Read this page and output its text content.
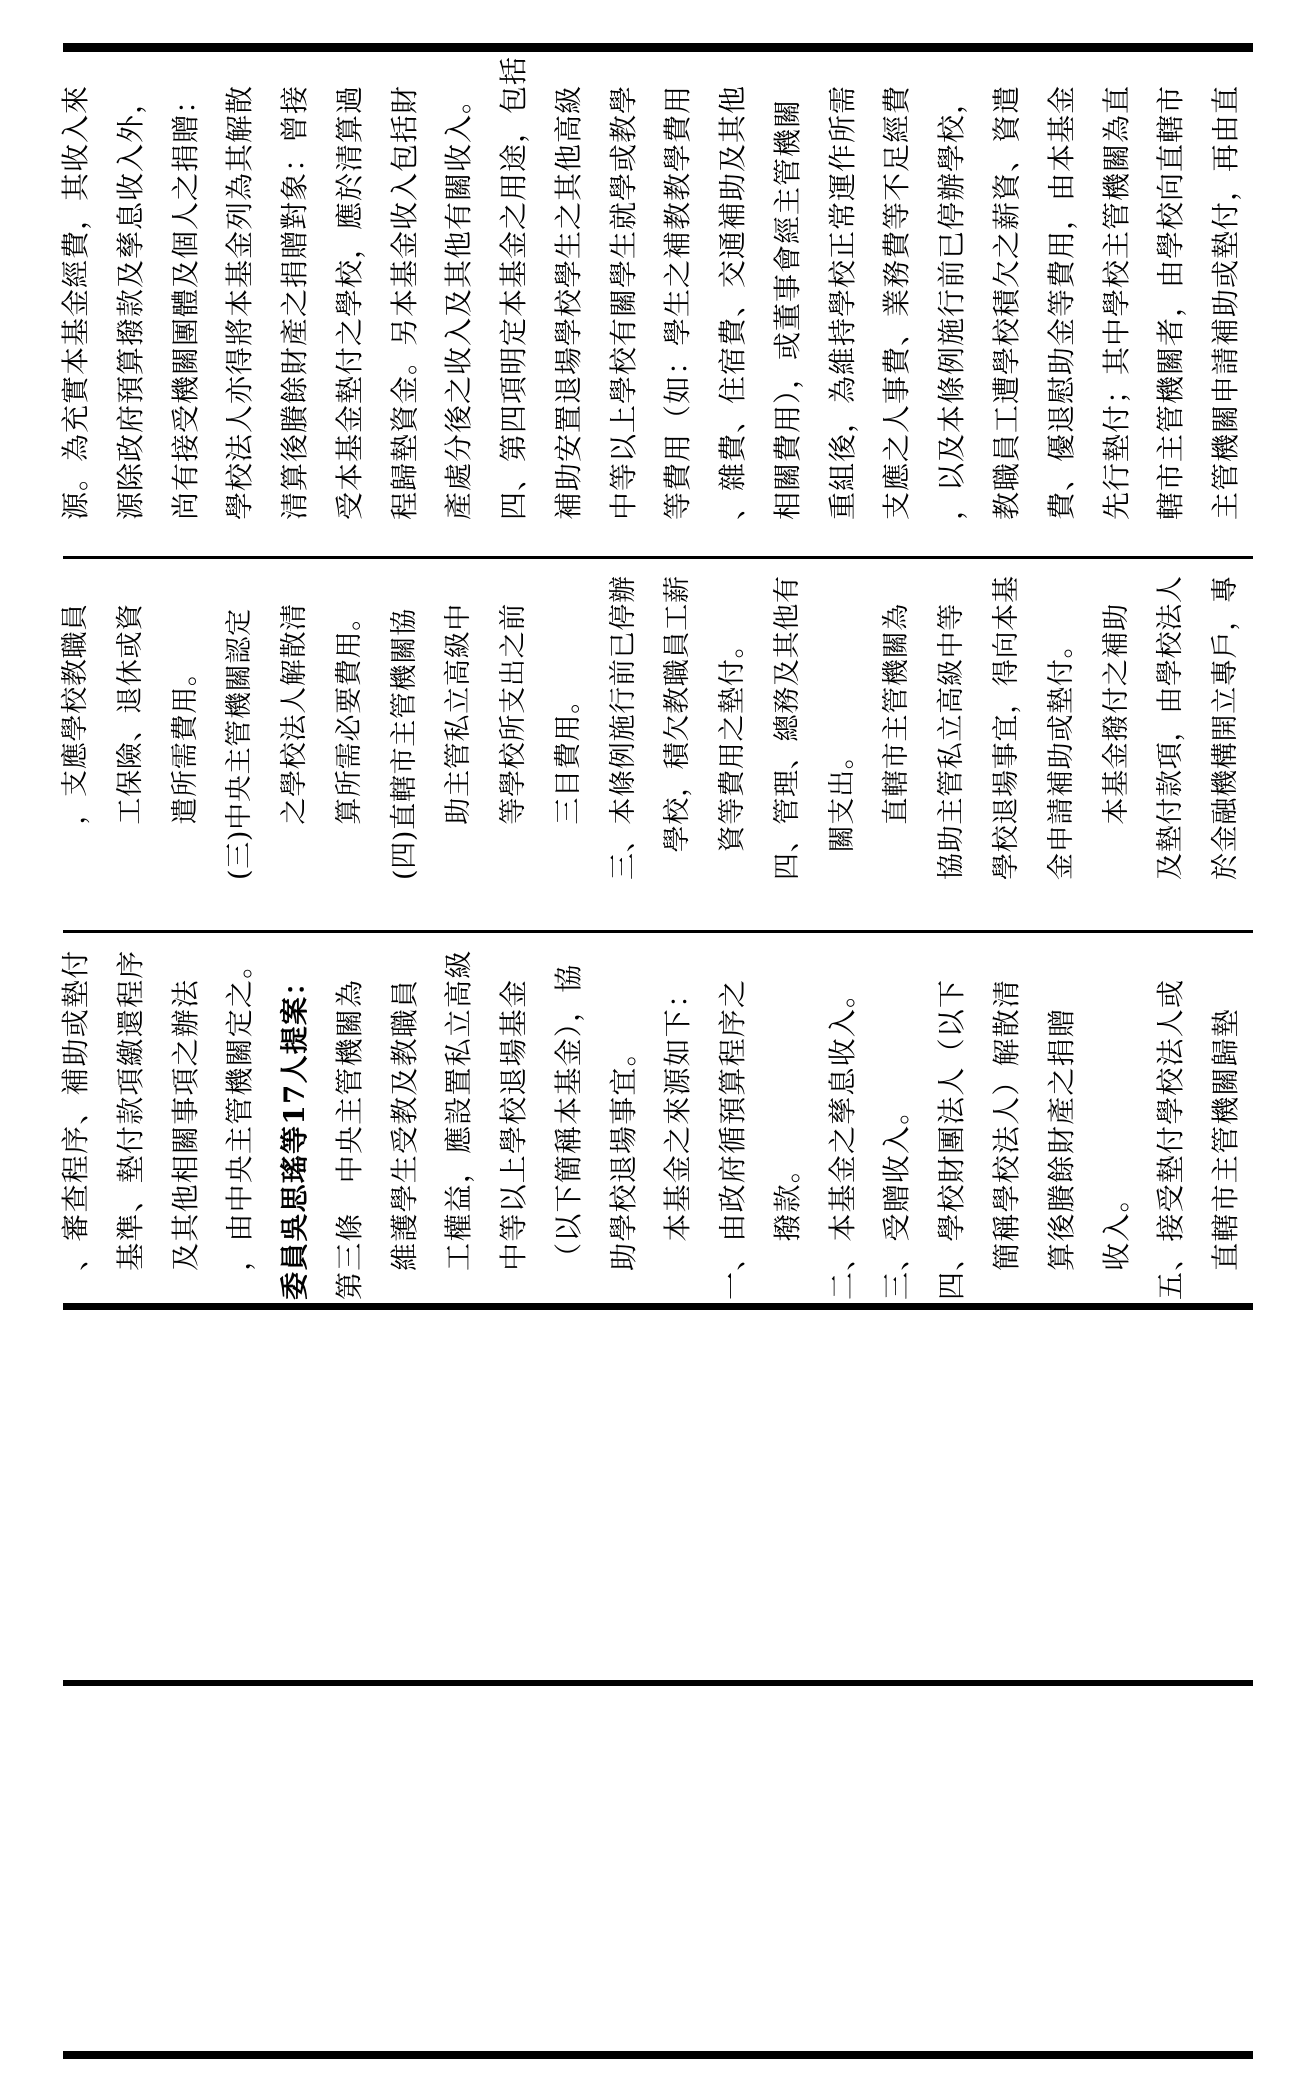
源。為充實本基金經費，其收入來 源除政府預算撥款及孳息收入外， 尚有接受機關團體及個人之捐贈： 學校法人亦得將本基金列為其解散 清算後賸餘財產之捐贈對象：曾接 受本基金墊付之學校，應於清算過 程歸墊資金。另本基金收入包括財 產處分後之收入及其他有關收入。 四、第四項明定本基金之用途，包括 補助安置退場學校學生之其他高級 中等以上學校有關學生就學或教學 等費用（如：學生之補教教學費用 、雜費、住宿費、交通補助及其他 相關費用），或董事會經主管機關 重組後，為維持學校正常運作所需 支應之人事費、業務費等不足經費 ，以及本條例施行前已停辦學校， 教職員工遭學校積欠之薪資、資遣 費、優退慰助金等費用，由本基金 先行墊付；其中學校主管機關為直 轄市主管機關者，由學校向直轄市 主管機關申請補助或墊付，再由直
，支應學校教職員 工保險、退休或資 遣所需費用。 (三)中央主管機關認定 之學校法人解散清 算所需必要費用。 (四)直轄市主管機關協 助主管私立高級中 等學校所支出之前 三目費用。 三、本條例施行前已停辦 學校，積欠教職員工薪 資等費用之墊付。 四、管理、總務及其他有 關支出。 直轄市主管機關為 協助主管私立高級中等 學校退場事宜，得向本基 金申請補助或墊付。 本基金撥付之補助 及墊付款項，由學校法人 於金融機構開立專戶，專
、審查程序、補助或墊付 基準、墊付款項繳還程序 及其他相關事項之辦法 ，由中央主管機關定之。 委員吳思瑤等17人提案： 第三條　中央主管機關為 維護學生受教及教職員 工權益，應設置私立高級 中等以上學校退場基金 （以下簡稱本基金），協 助學校退場事宜。 本基金之來源如下： 一、由政府循預算程序之 撥款。 二、本基金之孳息收入。 三、受贈收入。 四、學校財團法人（以下 簡稱學校法人）解散清 算後賸餘財產之捐贈 收入。 五、接受墊付學校法人或 直轄市主管機關歸墊
